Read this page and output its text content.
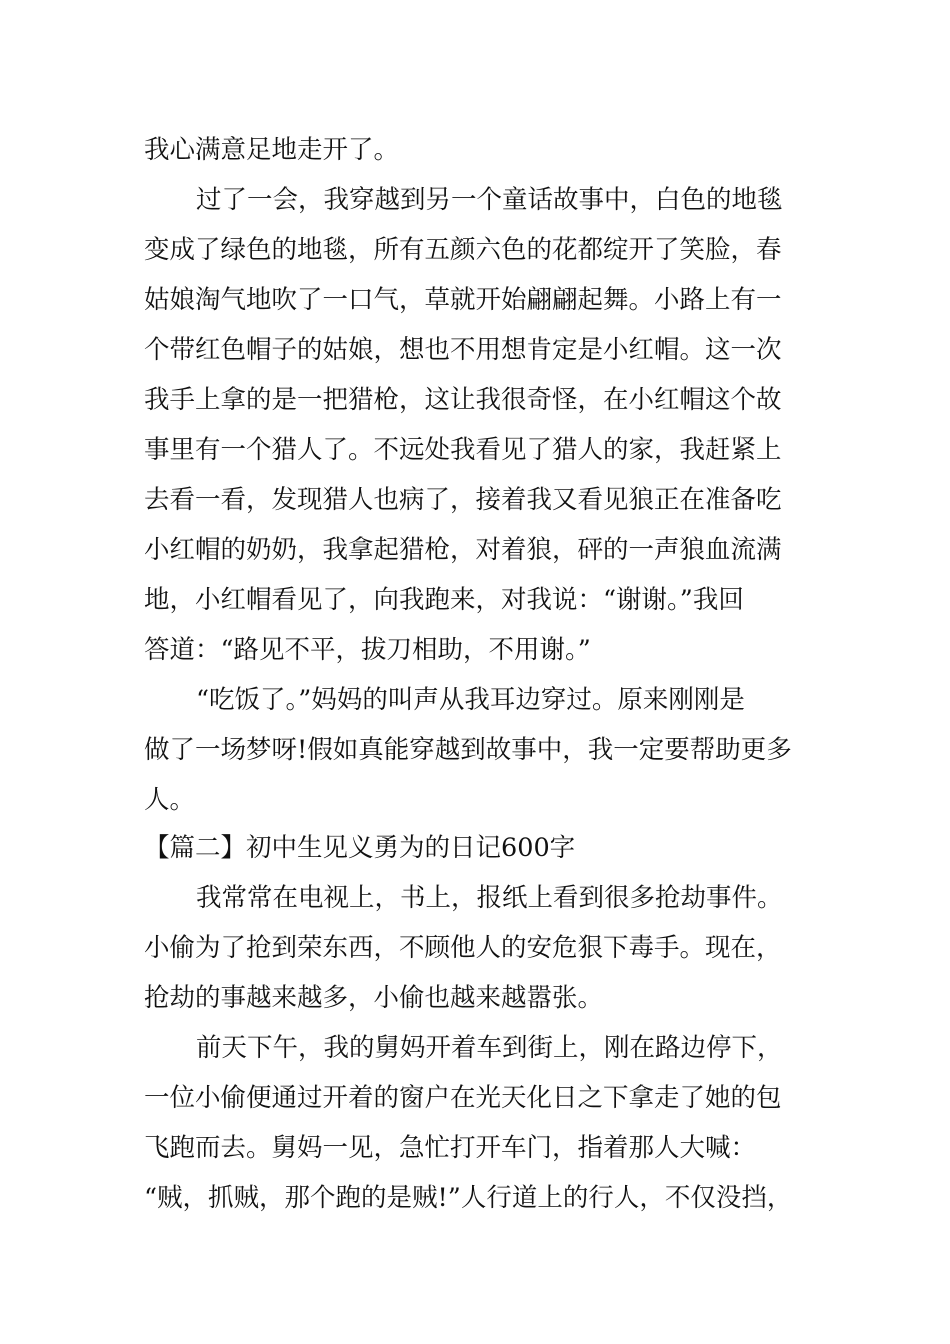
我心满意足地走开了。
过了一会，我穿越到另一个童话故事中，白色的地毯
变成了绿色的地毯，所有五颜六色的花都绽开了笑脸，春
姑娘淘气地吹了一口气，草就开始翩翩起舞。小路上有一
个带红色帽子的姑娘，想也不用想肯定是小红帽。这一次
我手上拿的是一把猎枪，这让我很奇怪，在小红帽这个故
事里有一个猎人了。不远处我看见了猎人的家，我赶紧上
去看一看，发现猎人也病了，接着我又看见狼正在准备吃
小红帽的奶奶，我拿起猎枪，对着狼，砰的一声狼血流满
地，小红帽看见了，向我跑来，对我说：“谢谢。”我回
答道：“路见不平，拔刀相助，不用谢。”
“吃饭了。”妈妈的叫声从我耳边穿过。原来刚刚是
做了一场梦呀!假如真能穿越到故事中，我一定要帮助更多
人。
【篇二】初中生见义勇为的日记600字
我常常在电视上，书上，报纸上看到很多抢劫事件。
小偷为了抢到荣东西，不顾他人的安危狠下毒手。现在，
抢劫的事越来越多，小偷也越来越嚣张。
前天下午，我的舅妈开着车到街上，刚在路边停下，
一位小偷便通过开着的窗户在光天化日之下拿走了她的包
飞跑而去。舅妈一见，急忙打开车门，指着那人大喊：
“贼，抓贼，那个跑的是贼!”人行道上的行人，不仅没挡，
